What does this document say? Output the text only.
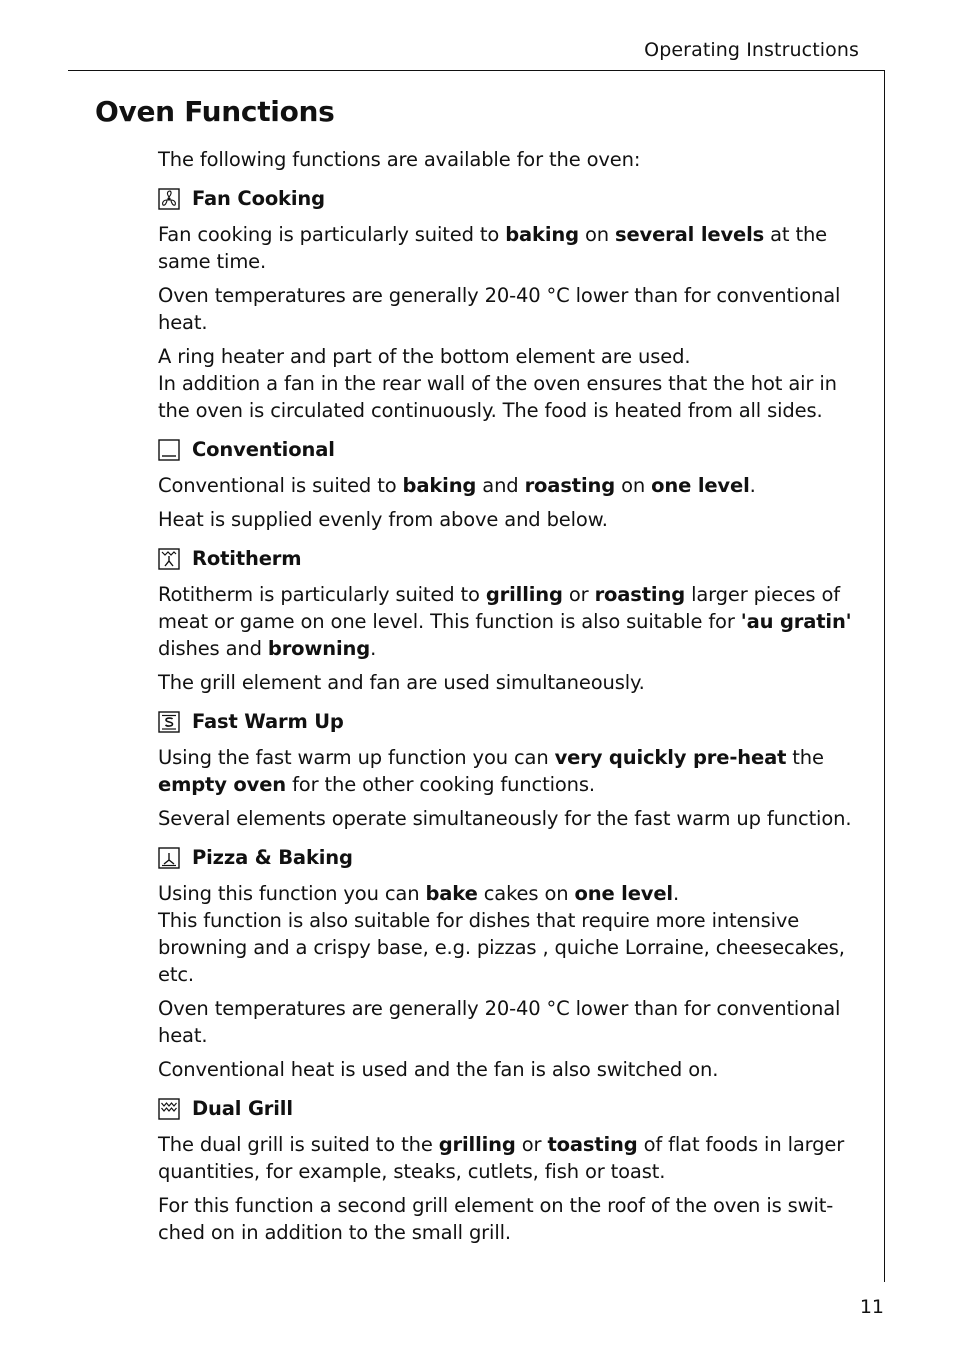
Operating Instructions
Oven Functions

The following functions are available for the oven:

Fan Cooking

Fan cooking is particularly suited to baking on several levels at the same time.

Oven temperatures are generally 20-40 °C lower than for conventional heat.

A ring heater and part of the bottom element are used.
In addition a fan in the rear wall of the oven ensures that the hot air in the oven is circulated continuously. The food is heated from all sides.

Conventional

Conventional is suited to baking and roasting on one level.

Heat is supplied evenly from above and below.

Rotitherm

Rotitherm is particularly suited to grilling or roasting larger pieces of meat or game on one level. This function is also suitable for 'au gratin' dishes and browning.

The grill element and fan are used simultaneously.

Fast Warm Up

Using the fast warm up function you can very quickly pre-heat the empty oven for the other cooking functions.

Several elements operate simultaneously for the fast warm up function.

Pizza & Baking

Using this function you can bake cakes on one level.
This function is also suitable for dishes that require more intensive browning and a crispy base, e.g. pizzas , quiche Lorraine, cheesecakes, etc.

Oven temperatures are generally 20-40 °C lower than for conventional heat.

Conventional heat is used and the fan is also switched on.

Dual Grill

The dual grill is suited to the grilling or toasting of flat foods in larger quantities, for example, steaks, cutlets, fish or toast.

For this function a second grill element on the roof of the oven is swit-
ched on in addition to the small grill.

11
